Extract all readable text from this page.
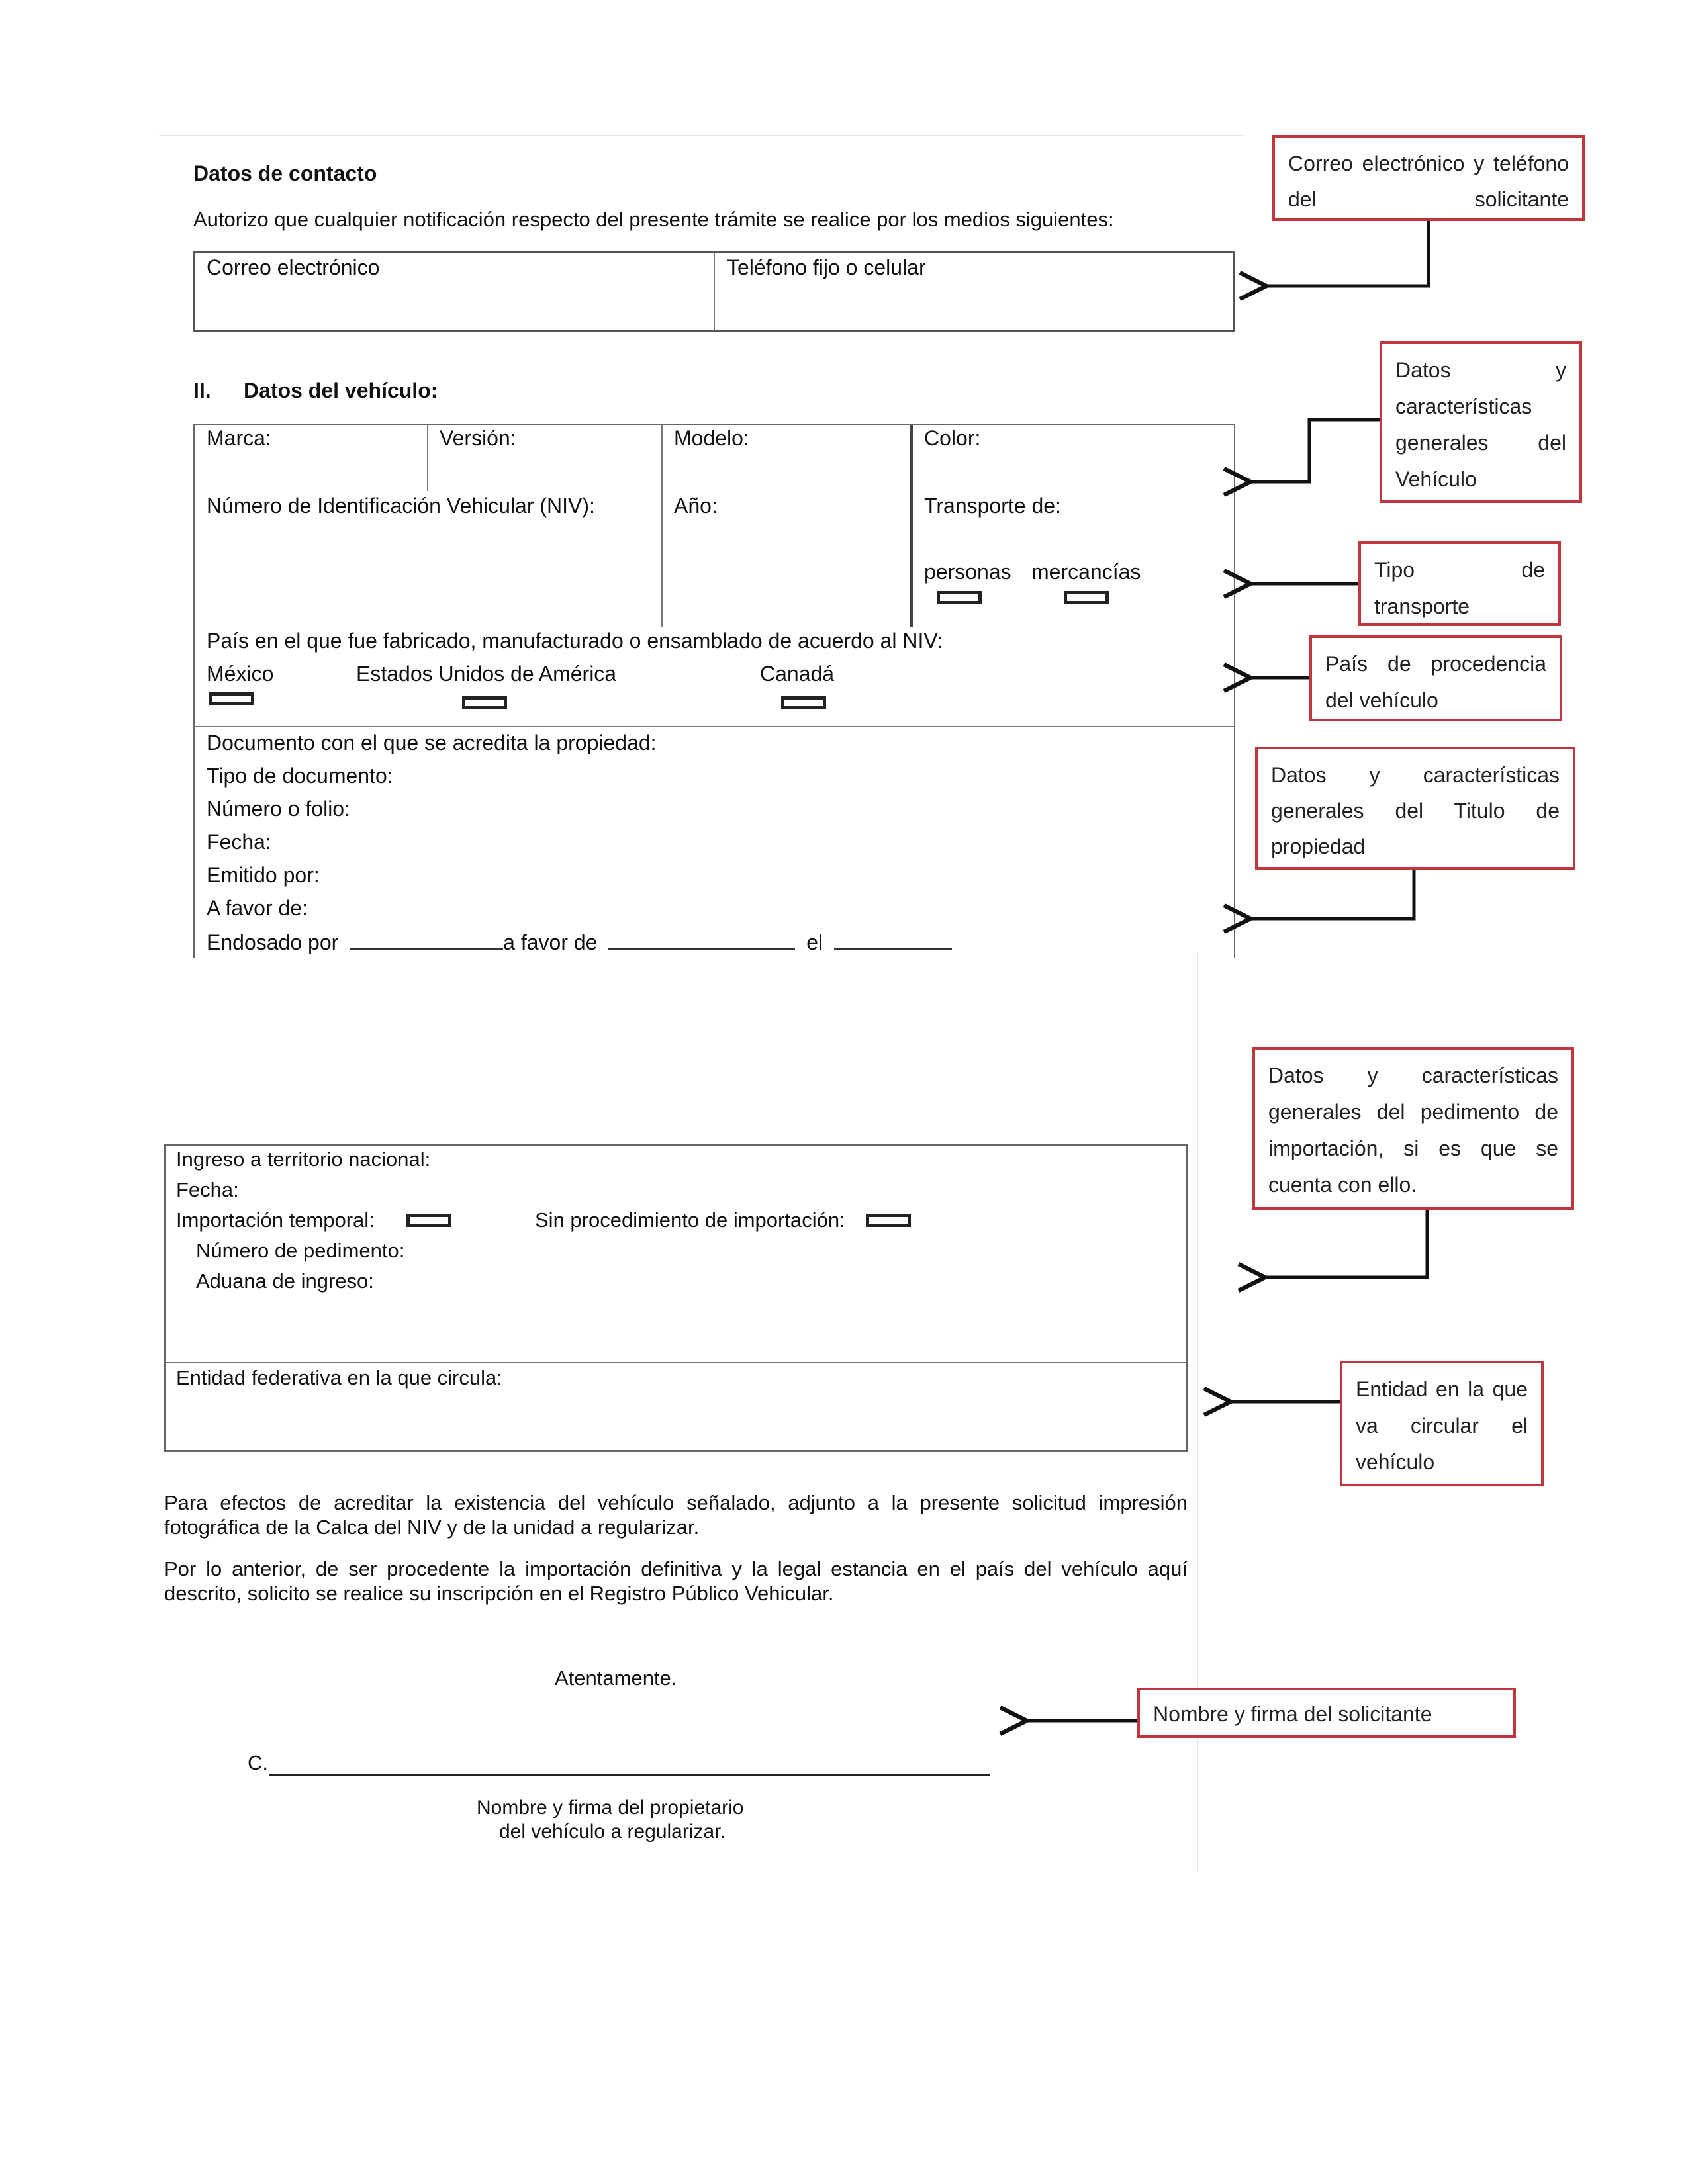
Datos de contacto
Autorizo que cualquier notificación respecto del presente trámite se realice por los medios siguientes:
Correo electrónico	Teléfono fijo o celular
II. Datos del vehículo:
Marca:	Versión:	Modelo:	Color:
Número de Identificación Vehicular (NIV):	Año:	Transporte de:
personas mercancías
País en el que fue fabricado, manufacturado o ensamblado de acuerdo al NIV:
México	Estados Unidos de América	Canadá
Documento con el que se acredita la propiedad:
Tipo de documento:
Número o folio:
Fecha:
Emitido por:
A favor de:
Endosado por	a favor de	el
Ingreso a territorio nacional:
Fecha:
Importación temporal:	Sin procedimiento de importación:
Número de pedimento:
Aduana de ingreso:
Entidad federativa en la que circula:
Para efectos de acreditar la existencia del vehículo señalado, adjunto a la presente solicitud impresión fotográfica de la Calca del NIV y de la unidad a regularizar.
Por lo anterior, de ser procedente la importación definitiva y la legal estancia en el país del vehículo aquí descrito, solicito se realice su inscripción en el Registro Público Vehicular.
Atentamente.
C.
Nombre y firma del propietario
del vehículo a regularizar.
Correo electrónico y teléfono del solicitante
Datos y características generales del Vehículo
Tipo de transporte
País de procedencia del vehículo
Datos y características generales del Titulo de propiedad
Datos y características generales del pedimento de importación, si es que se cuenta con ello.
Entidad en la que va circular el vehículo
Nombre y firma del solicitante
